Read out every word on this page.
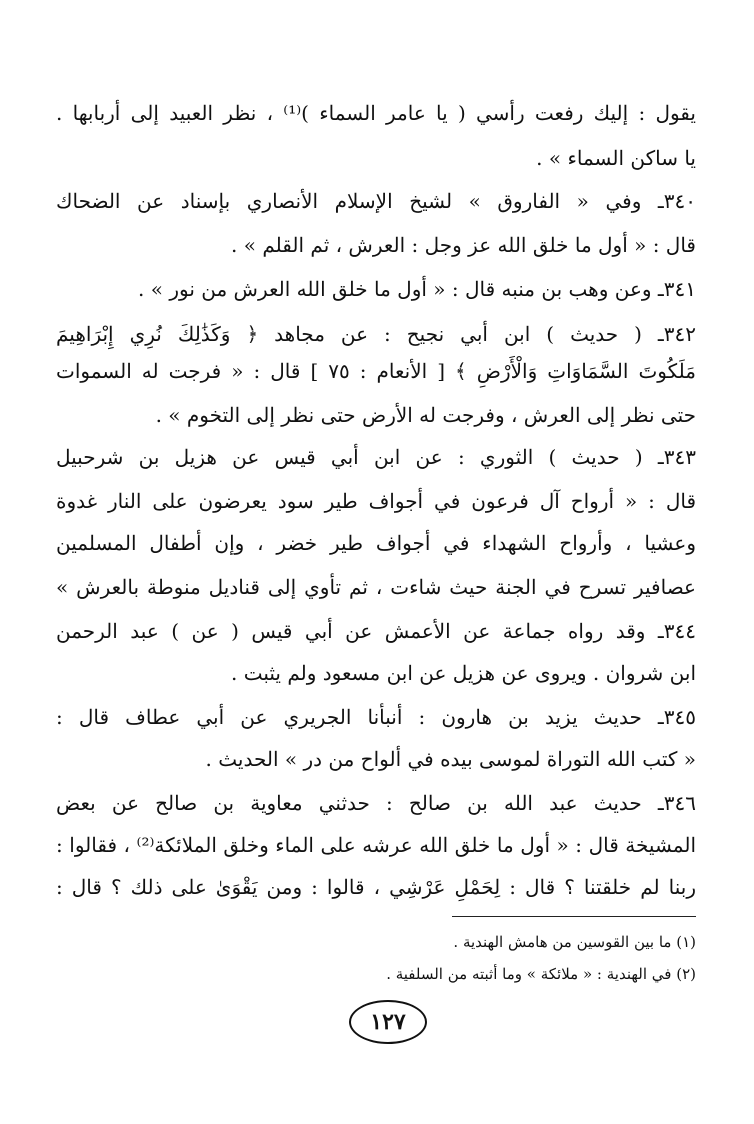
يقول : إليك رفعت رأسي ( يا عامر السماء )⁽¹⁾ ، نظر العبيد إلى أربابها .
يا ساكن السماء » .
٣٤٠ـ وفي « الفاروق » لشيخ الإسلام الأنصاري بإسناد عن الضحاك
قال : « أول ما خلق الله عز وجل : العرش ، ثم القلم » .
٣٤١ـ وعن وهب بن منبه قال : « أول ما خلق الله العرش من نور » .
٣٤٢ـ ( حديث ) ابن أبي نجيح : عن مجاهد ﴿ وَكَذَٰلِكَ نُرِي إِبْرَاهِيمَ
مَلَكُوتَ السَّمَاوَاتِ وَالْأَرْضِ ﴾ [ الأنعام : ٧٥ ] قال : « فرجت له السموات
حتى نظر إلى العرش ، وفرجت له الأرض حتى نظر إلى التخوم » .
٣٤٣ـ ( حديث ) الثوري : عن ابن أبي قيس عن هزيل بن شرحبيل
قال : « أرواح آل فرعون في أجواف طير سود يعرضون على النار غدوة
وعشيا ، وأرواح الشهداء في أجواف طير خضر ، وإن أطفال المسلمين
عصافير تسرح في الجنة حيث شاءت ، ثم تأوي إلى قناديل منوطة بالعرش »
٣٤٤ـ وقد رواه جماعة عن الأعمش عن أبي قيس ( عن ) عبد الرحمن
ابن شروان . ويروى عن هزيل عن ابن مسعود ولم يثبت .
٣٤٥ـ حديث يزيد بن هارون : أنبأنا الجريري عن أبي عطاف قال :
« كتب الله التوراة لموسى بيده في ألواح من در » الحديث .
٣٤٦ـ حديث عبد الله بن صالح : حدثني معاوية بن صالح عن بعض
المشيخة قال : « أول ما خلق الله عرشه على الماء وخلق الملائكة⁽²⁾ ، فقالوا :
ربنا لم خلقتنا ؟ قال : لِحَمْلِ عَرْشِي ، قالوا : ومن يَقْوَىٰ على ذلك ؟ قال :
(١) ما بين القوسين من هامش الهندية .
(٢) في الهندية : « ملائكة » وما أثبته من السلفية .
١٢٧
